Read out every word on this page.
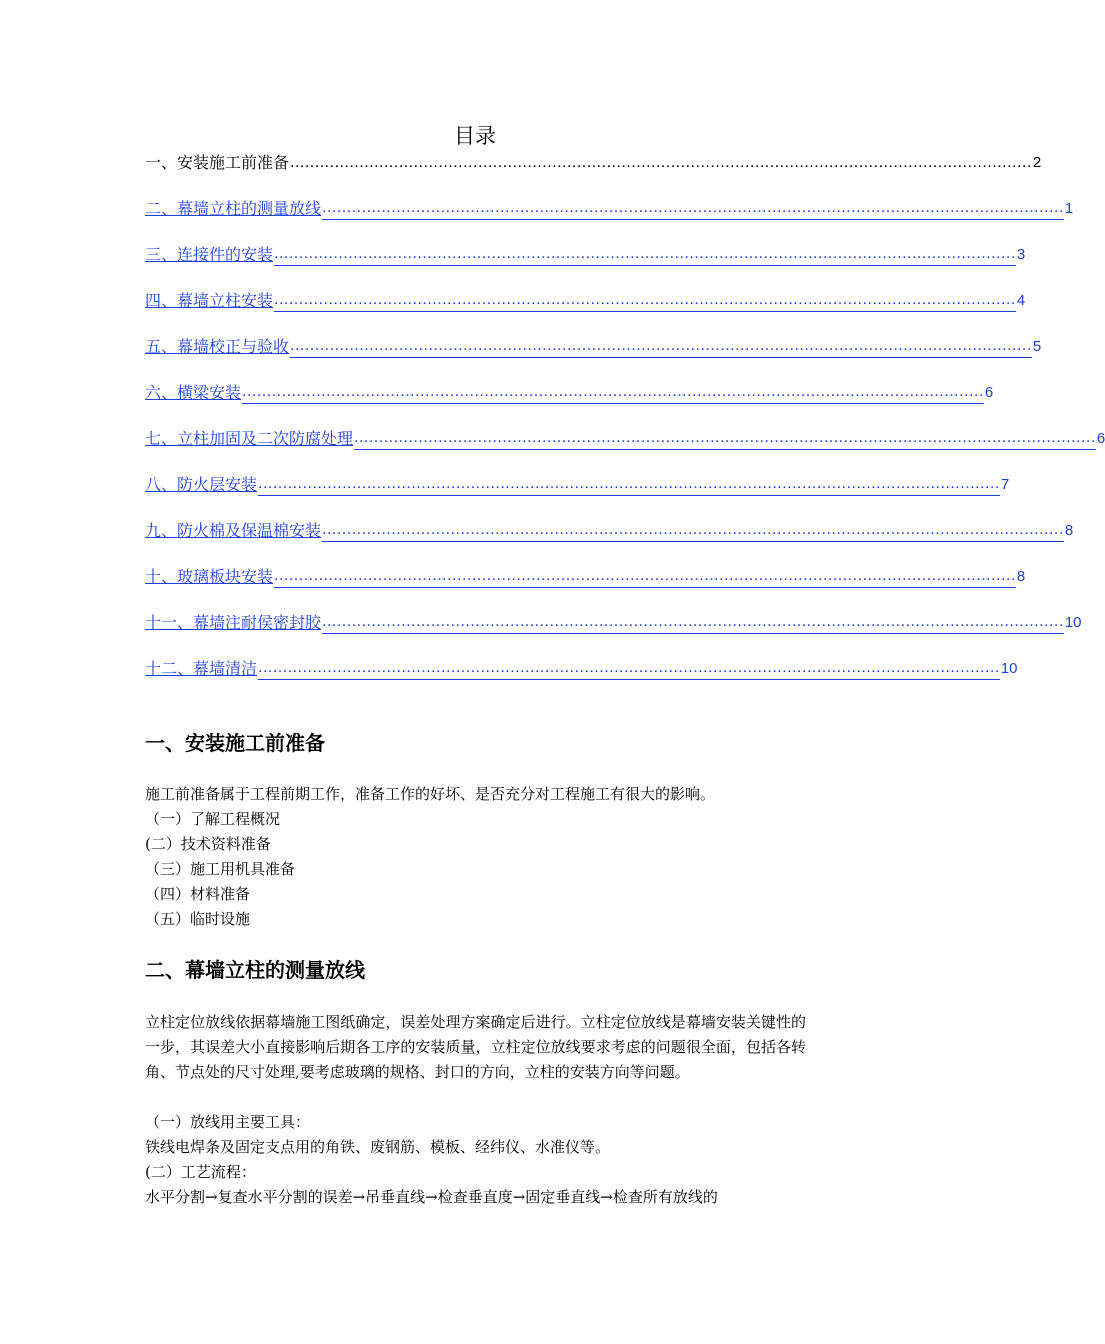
目录
一、安装施工前准备 ...................................................................................................................................................... 2
二、幕墙立柱的测量放线 ...................................................................................................................................................... 1
三、连接件的安装 ...................................................................................................................................................... 3
四、幕墙立柱安装 ...................................................................................................................................................... 4
五、幕墙校正与验收 ...................................................................................................................................................... 5
六、横梁安装 ...................................................................................................................................................... 6
七、立柱加固及二次防腐处理 ...................................................................................................................................................... 6
八、防火层安装 ...................................................................................................................................................... 7
九、防火棉及保温棉安装 ...................................................................................................................................................... 8
十、玻璃板块安装 ...................................................................................................................................................... 8
十一、幕墙注耐侯密封胶 ...................................................................................................................................................... 10
十二、幕墙清洁 ...................................................................................................................................................... 10
一、安装施工前准备
施工前准备属于工程前期工作，准备工作的好坏、是否充分对工程施工有很大的影响。
（一）了解工程概况
(二）技术资料准备
（三）施工用机具准备
（四）材料准备
（五）临时设施
二、幕墙立柱的测量放线
立柱定位放线依据幕墙施工图纸确定，误差处理方案确定后进行。立柱定位放线是幕墙安装关键性的一步，其误差大小直接影响后期各工序的安装质量，立柱定位放线要求考虑的问题很全面，包括各转角、节点处的尺寸处理,要考虑玻璃的规格、封口的方向，立柱的安装方向等问题。
（一）放线用主要工具：
铁线电焊条及固定支点用的角铁、废钢筋、模板、经纬仪、水准仪等。
(二）工艺流程：
水平分割→复查水平分割的误差→吊垂直线→检查垂直度→固定垂直线→检查所有放线的
